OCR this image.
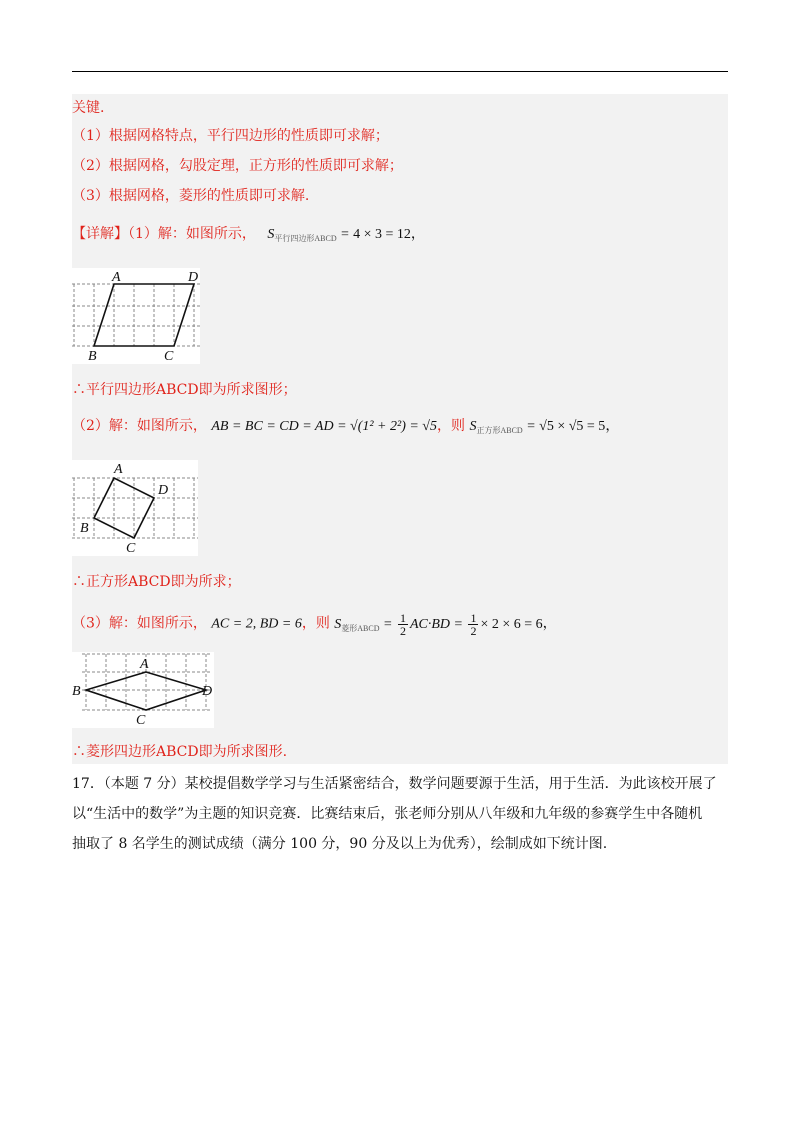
关键.
（1）根据网格特点，平行四边形的性质即可求解；
（2）根据网格，勾股定理，正方形的性质即可求解；
（3）根据网格，菱形的性质即可求解.
【详解】（1）解：如图所示，   $S_{平行四边形ABCD} = 4 \times 3 = 12$，
A	D
B	C
∴平行四边形ABCD即为所求图形；
（2）解：如图所示， AB = BC = CD = AD = √(1² + 2²) = √5，则 $S_{正方形ABCD} = √5 \times √5 = 5$，
A
D
B
C
∴正方形ABCD即为所求；
（3）解：如图所示， AC = 2, BD = 6，则 $S_{菱形ABCD} = \frac{1}{2} AC\cdot BD = \frac{1}{2} \times 2 \times 6 = 6$，
A
B	D
C
∴菱形四边形ABCD即为所求图形.
17．（本题 7 分）某校提倡数学学习与生活紧密结合，数学问题要源于生活，用于生活．为此该校开展了
以“生活中的数学”为主题的知识竞赛．比赛结束后，张老师分别从八年级和九年级的参赛学生中各随机
抽取了 8 名学生的测试成绩（满分 100 分，90 分及以上为优秀），绘制成如下统计图.
